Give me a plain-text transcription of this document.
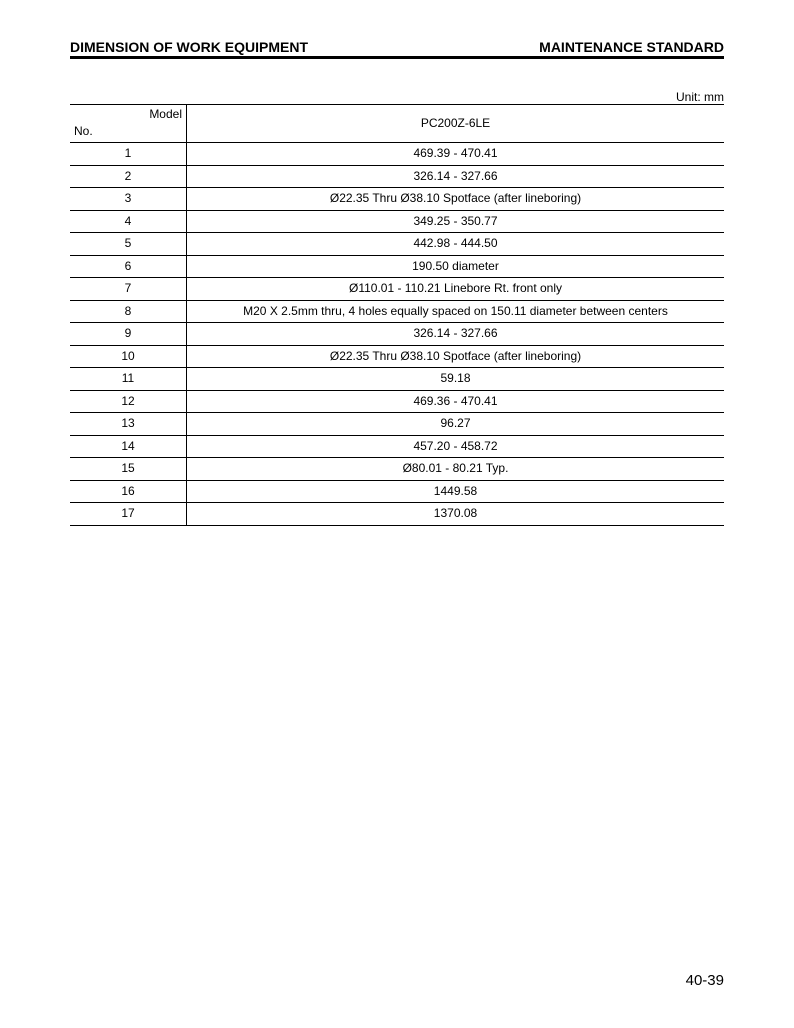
DIMENSION OF WORK EQUIPMENT	MAINTENANCE STANDARD
Unit: mm
Model
No.	PC200Z-6LE
1	469.39 - 470.41
2	326.14 - 327.66
3	Ø22.35 Thru Ø38.10 Spotface (after lineboring)
4	349.25 - 350.77
5	442.98 - 444.50
6	190.50 diameter
7	Ø110.01 - 110.21 Linebore Rt. front only
8	M20 X 2.5mm thru, 4 holes equally spaced on 150.11 diameter between centers
9	326.14 - 327.66
10	Ø22.35 Thru Ø38.10 Spotface (after lineboring)
11	59.18
12	469.36 - 470.41
13	96.27
14	457.20 - 458.72
15	Ø80.01 - 80.21 Typ.
16	1449.58
17	1370.08
40-39
